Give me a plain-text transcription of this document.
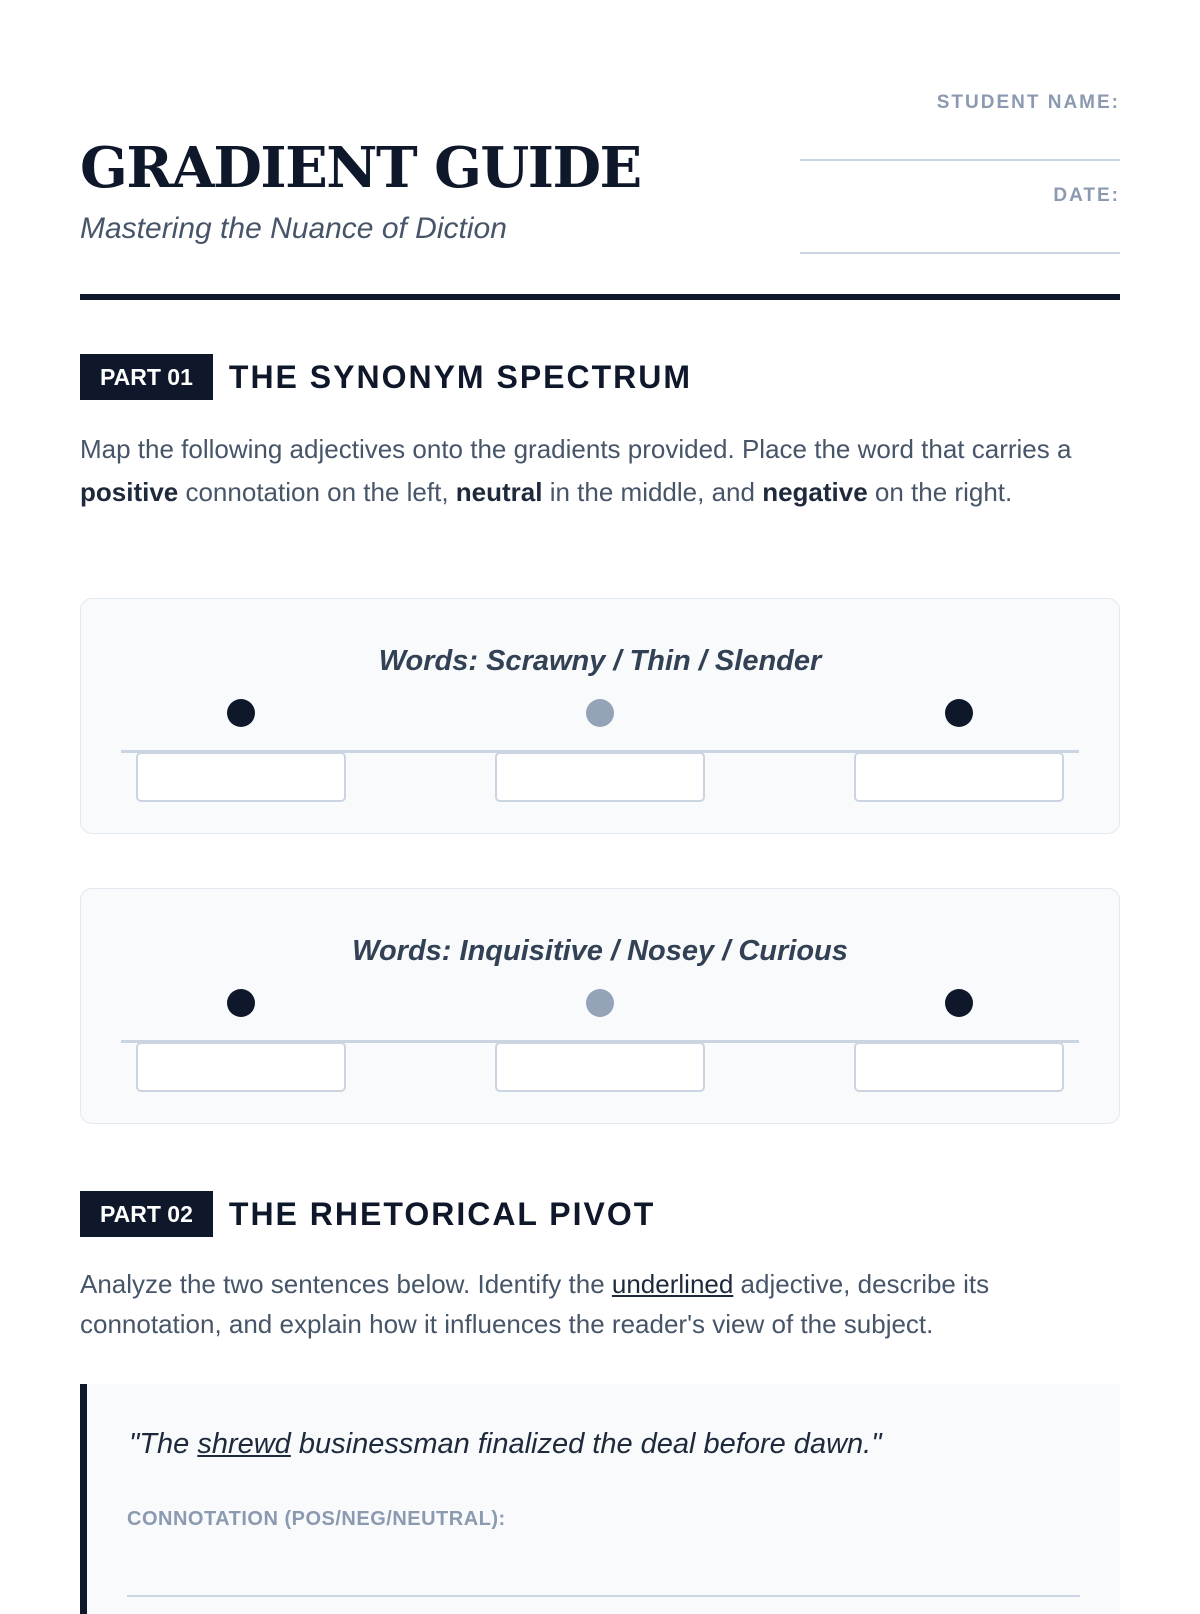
GRADIENT GUIDE

Mastering the Nuance of Diction

STUDENT NAME:
DATE:
PART 01	THE SYNONYM SPECTRUM

Map the following adjectives onto the gradients provided. Place the word that carries a positive connotation on the left, neutral in the middle, and negative on the right.

Words: Scrawny / Thin / Slender
Words: Inquisitive / Nosey / Curious
PART 02	THE RHETORICAL PIVOT

Analyze the two sentences below. Identify the underlined adjective, describe its connotation, and explain how it influences the reader's view of the subject.

"The shrewd businessman finalized the deal before dawn."

CONNOTATION (POS/NEG/NEUTRAL):
